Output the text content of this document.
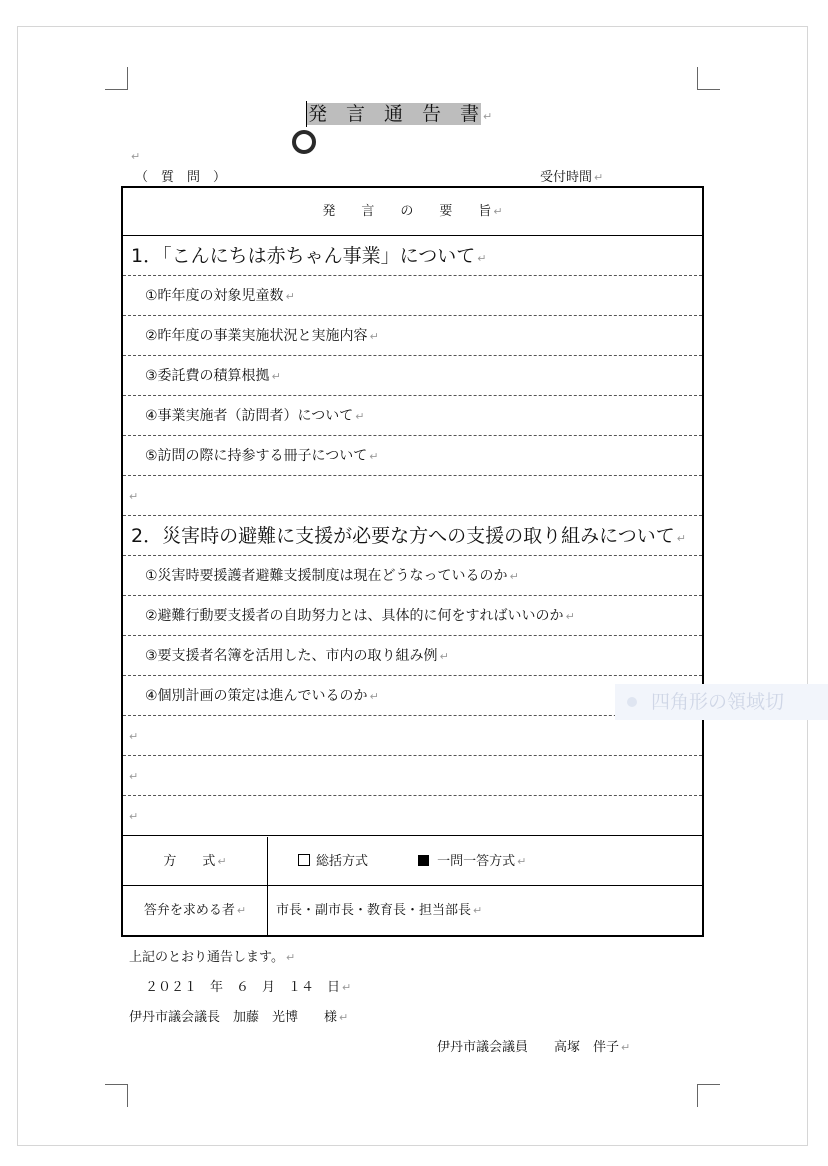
発　言　通　告　書 ↵
↵
（　質　問　）	受付時間 ↵
発　　言　　の　　要　　旨 ↵
1．「こんにちは赤ちゃん事業」について ↵
①昨年度の対象児童数 ↵
②昨年度の事業実施状況と実施内容 ↵
③委託費の積算根拠 ↵
④事業実施者（訪問者）について ↵
⑤訪問の際に持参する冊子について ↵
↵
2．災害時の避難に支援が必要な方への支援の取り組みについて ↵
①災害時要援護者避難支援制度は現在どうなっているのか ↵
②避難行動要支援者の自助努力とは、具体的に何をすればいいのか ↵
③要支援者名簿を活用した、市内の取り組み例 ↵
④個別計画の策定は進んでいるのか ↵
↵
↵
↵
方　　式 ↵	総括方式	一問一答方式 ↵
答弁を求める者 ↵	市長・副市長・教育長・担当部長 ↵
上記のとおり通告します。 ↵
２０２１　年　６　月　１４　日 ↵
伊丹市議会議長　加藤　光博　　様 ↵
伊丹市議会議員　　高塚　伴子 ↵
四角形の領域切
